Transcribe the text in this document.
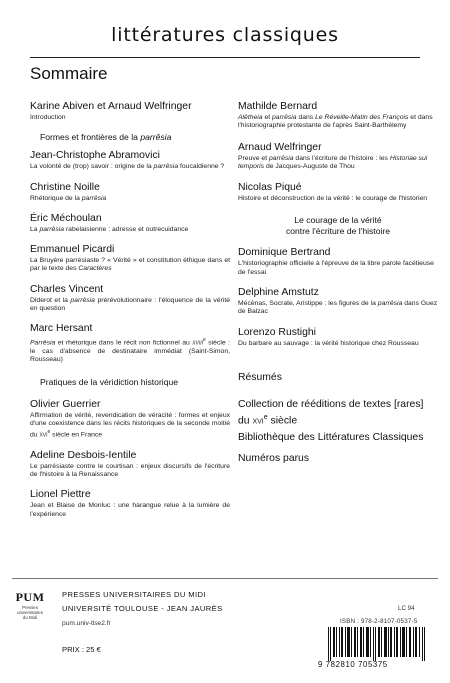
littératures classiques
Sommaire
Karine Abiven et Arnaud Welfringer
Introduction
Formes et frontières de la parrêsia
Jean-Christophe Abramovici
La volonté de (trop) savoir : origine de la parrêsia foucaldienne ?
Christine Noille
Rhétorique de la parrêsia
Éric Méchoulan
La parrêsia rabelaisienne : adresse et outrecuidance
Emmanuel Picardi
La Bruyère parrésiaste ? « Vérité » et constitution éthique dans et par le texte des Caractères
Charles Vincent
Diderot et la parrêsia prérévolutionnaire : l'éloquence de la vérité en question
Marc Hersant
Parrêsia et rhétorique dans le récit non fictionnel au xviii$^e$ siècle : le cas d'absence de destinataire immédiat (Saint-Simon, Rousseau)
Pratiques de la véridiction historique
Olivier Guerrier
Affirmation de vérité, revendication de véracité : formes et enjeux d'une coexistence dans les récits historiques de la seconde moitié du xvi$^e$ siècle en France
Adeline Desbois-Ientile
Le parrésiaste contre le courtisan : enjeux discursifs de l'écriture de l'histoire à la Renaissance
Lionel Piettre
Jean et Blaise de Monluc : une harangue relue à la lumière de l'expérience
Mathilde Bernard
Alêtheia et parrêsia dans Le Réveille-Matin des François et dans l'historiographie protestante de l'après Saint-Barthélemy
Arnaud Welfringer
Preuve et parrêsia dans l'écriture de l'histoire : les Historiae sui temporis de Jacques-Auguste de Thou
Nicolas Piqué
Histoire et déconstruction de la vérité : le courage de l'historien
Le courage de la vérité
contre l'écriture de l'histoire
Dominique Bertrand
L'historiographie officielle à l'épreuve de la libre parole facétieuse de l'essai
Delphine Amstutz
Mécènas, Socrate, Aristippe : les figures de la parrêsia dans Guez de Balzac
Lorenzo Rustighi
Du barbare au sauvage : la vérité historique chez Rousseau
Résumés
Collection de rééditions de textes [rares]
du xvi$^e$ siècle
Bibliothèque des Littératures Classiques
Numéros parus
PUM
Presses
universitaires
du Midi
PRESSES UNIVERSITAIRES DU MIDI
UNIVERSITÉ TOULOUSE - JEAN JAURÈS
pum.univ-tlse2.fr
PRIX : 25 €
LC 94
ISBN : 978-2-8107-0537-5
9 782810 705375
